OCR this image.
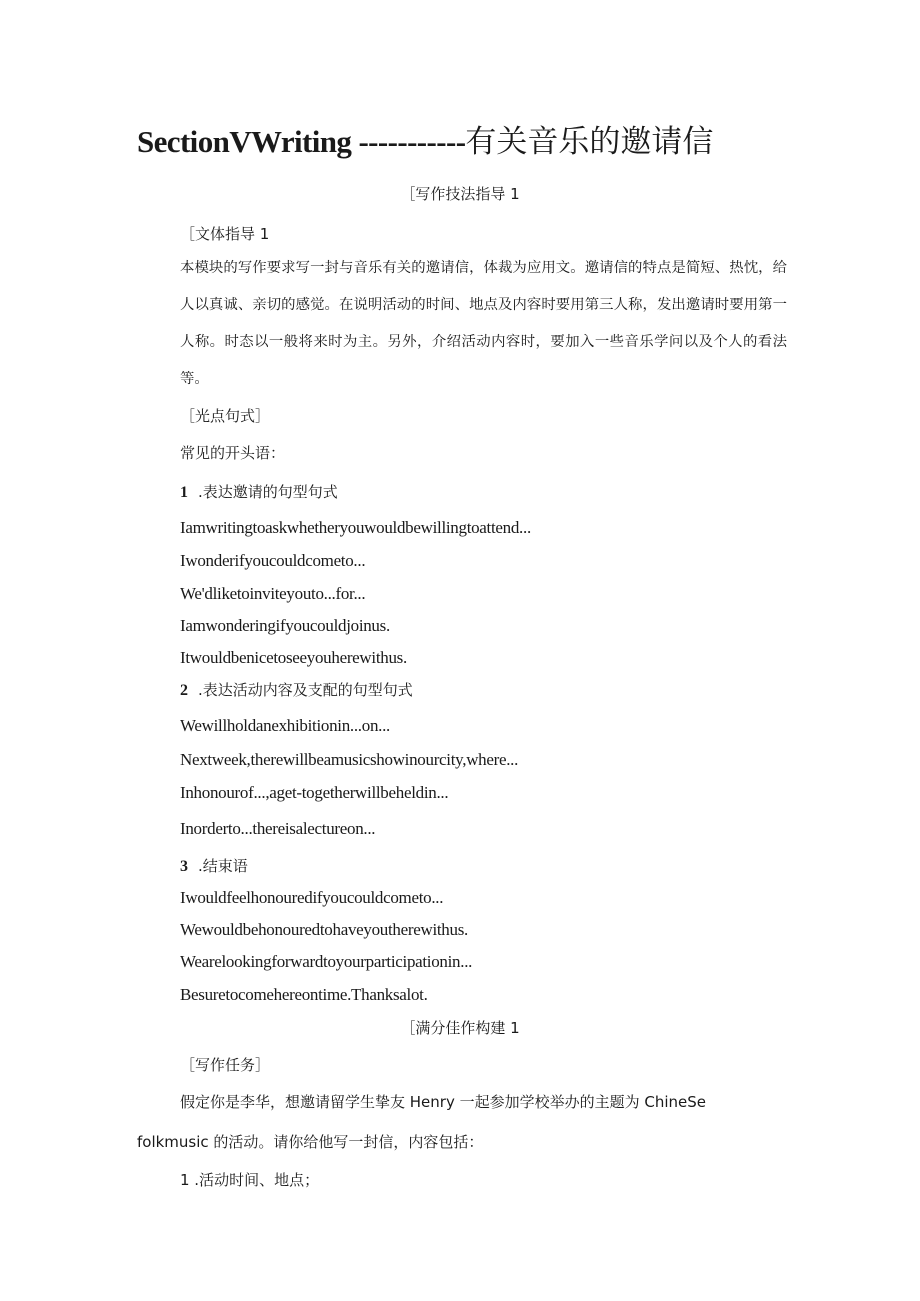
SectionVWriting -----------有关音乐的邀请信
［写作技法指导 1
［文体指导 1
本模块的写作要求写一封与音乐有关的邀请信，体裁为应用文。邀请信的特点是简短、热忱，给人以真诚、亲切的感觉。在说明活动的时间、地点及内容时要用第三人称，发出邀请时要用第一人称。时态以一般将来时为主。另外，介绍活动内容时，要加入一些音乐学问以及个人的看法等。
［光点句式］
常见的开头语：
1 .表达邀请的句型句式
Iamwritingtoaskwhetheryouwouldbewillingtoattend...
Iwonderifyoucouldcometo...
We'dliketoinviteyouto...for...
Iamwonderingifyoucouldjoinus.
Itwouldbenicetoseeyouherewithus.
2 .表达活动内容及支配的句型句式
Wewillholdanexhibitionin...on...
Nextweek,therewillbeamusicshowinourcity,where...
Inhonourof...,aget-togetherwillbeheldin...
Inorderto...thereisalectureon...
3 .结束语
Iwouldfeelhonouredifyoucouldcometo...
Wewouldbehonouredtohaveyoutherewithus.
Wearelookingforwardtoyourparticipationin...
Besuretocomehereontime.Thanksalot.
［满分佳作构建 1
［写作任务］
假定你是李华，想邀请留学生挚友 Henry 一起参加学校举办的主题为 ChineSe
folkmusic 的活动。请你给他写一封信，内容包括：
1 .活动时间、地点；
